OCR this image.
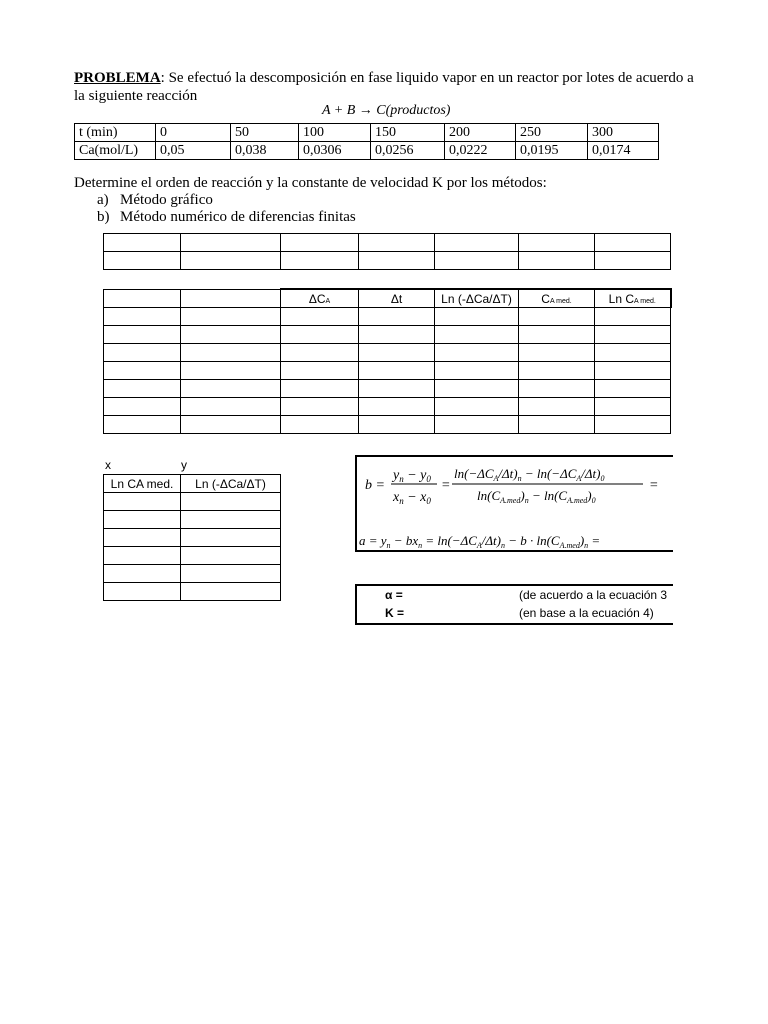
PROBLEMA: Se efectuó la descomposición en fase liquido vapor en un reactor por lotes de acuerdo a
la siguiente reacción
A + B → C(productos)
t (min)	0	50	100	150	200	250	300
Ca(mol/L)	0,05	0,038	0,0306	0,0256	0,0222	0,0195	0,0174
Determine el orden de reacción y la constante de velocidad K por los métodos:
a) Método gráfico
b) Método numérico de diferencias finitas

		ΔCA	Δt	Ln (-ΔCa/ΔT)	CA med.	Ln CA med.

x	y
Ln CA med.	Ln (-ΔCa/ΔT)

		b =
$y_n - y_0$
$x_n - x_0$
=
$\ln(-\Delta C_A/\Delta t)_n - \ln(-\Delta C_A/\Delta t)_0$
$\ln(C_{A.med})_n - \ln(C_{A.med})_0$
=
$a = y_n - bx_n = \ln(-\Delta C_A/\Delta t)_n - b \cdot \ln(C_{A.med})_n$ =
α =	(de acuerdo a la ecuación 3
K =	(en base a la ecuación 4)
